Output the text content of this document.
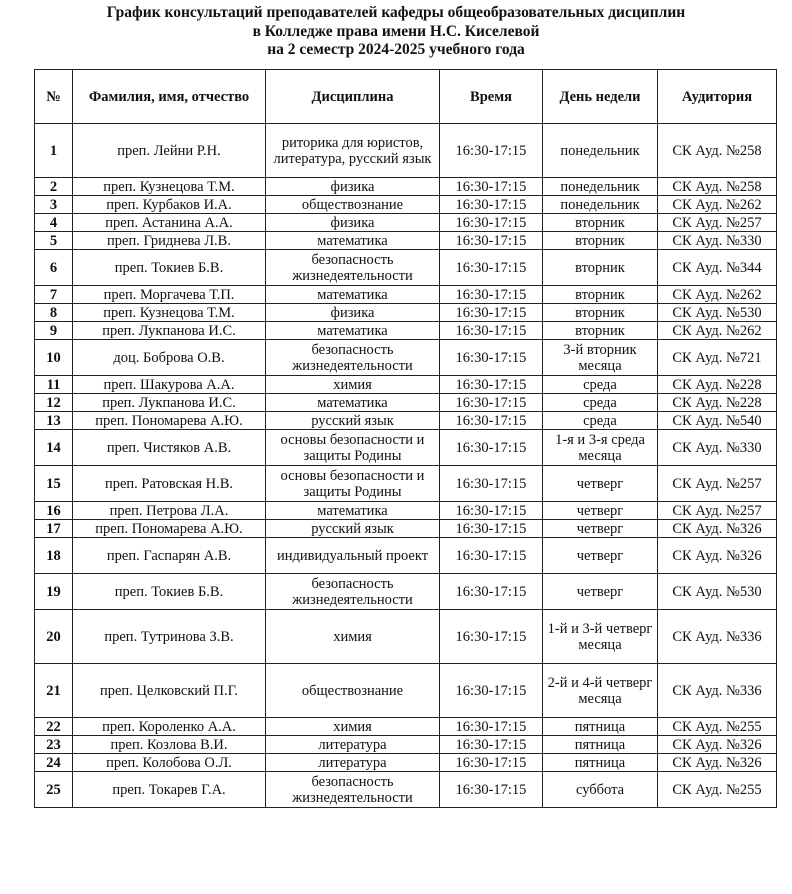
График консультаций преподавателей кафедры общеобразовательных дисциплин
в Колледже права имени Н.С. Киселевой
на 2 семестр 2024-2025 учебного года
№	Фамилия, имя, отчество	Дисциплина	Время	День недели	Аудитория
1	преп. Лейни Р.Н.	риторика для юристов, литература, русский язык	16:30-17:15	понедельник	СК Ауд. №258
2	преп. Кузнецова Т.М.	физика	16:30-17:15	понедельник	СК Ауд. №258
3	преп. Курбаков И.А.	обществознание	16:30-17:15	понедельник	СК Ауд. №262
4	преп. Астанина А.А.	физика	16:30-17:15	вторник	СК Ауд. №257
5	преп. Гриднева Л.В.	математика	16:30-17:15	вторник	СК Ауд. №330
6	преп. Токиев Б.В.	безопасность жизнедеятельности	16:30-17:15	вторник	СК Ауд. №344
7	преп. Моргачева Т.П.	математика	16:30-17:15	вторник	СК Ауд. №262
8	преп. Кузнецова Т.М.	физика	16:30-17:15	вторник	СК Ауд. №530
9	преп. Лукпанова И.С.	математика	16:30-17:15	вторник	СК Ауд. №262
10	доц. Боброва О.В.	безопасность жизнедеятельности	16:30-17:15	3-й вторник месяца	СК Ауд. №721
11	преп. Шакурова А.А.	химия	16:30-17:15	среда	СК Ауд. №228
12	преп. Лукпанова И.С.	математика	16:30-17:15	среда	СК Ауд. №228
13	преп. Пономарева А.Ю.	русский язык	16:30-17:15	среда	СК Ауд. №540
14	преп. Чистяков А.В.	основы безопасности и защиты Родины	16:30-17:15	1-я и 3-я среда месяца	СК Ауд. №330
15	преп. Ратовская Н.В.	основы безопасности и защиты Родины	16:30-17:15	четверг	СК Ауд. №257
16	преп. Петрова Л.А.	математика	16:30-17:15	четверг	СК Ауд. №257
17	преп. Пономарева А.Ю.	русский язык	16:30-17:15	четверг	СК Ауд. №326
18	преп. Гаспарян А.В.	индивидуальный проект	16:30-17:15	четверг	СК Ауд. №326
19	преп. Токиев Б.В.	безопасность жизнедеятельности	16:30-17:15	четверг	СК Ауд. №530
20	преп. Тутринова З.В.	химия	16:30-17:15	1-й и 3-й четверг месяца	СК Ауд. №336
21	преп. Целковский П.Г.	обществознание	16:30-17:15	2-й и 4-й четверг месяца	СК Ауд. №336
22	преп. Короленко А.А.	химия	16:30-17:15	пятница	СК Ауд. №255
23	преп. Козлова В.И.	литература	16:30-17:15	пятница	СК Ауд. №326
24	преп. Колобова О.Л.	литература	16:30-17:15	пятница	СК Ауд. №326
25	преп. Токарев Г.А.	безопасность жизнедеятельности	16:30-17:15	суббота	СК Ауд. №255
